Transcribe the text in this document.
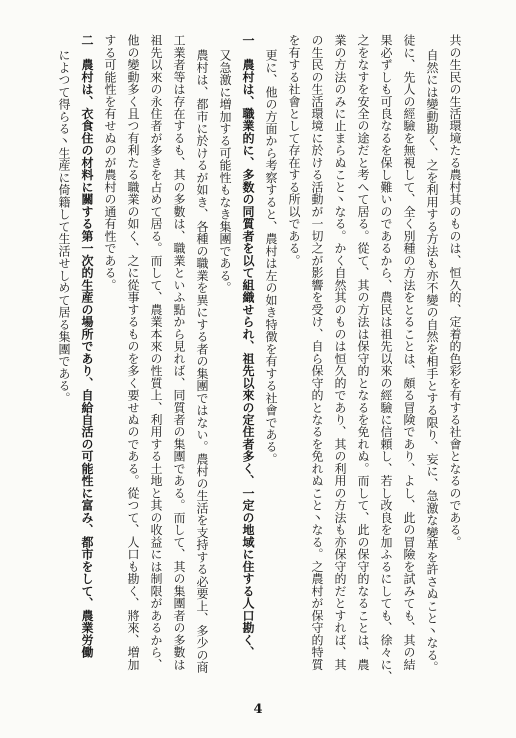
共の生民の生活環境たる農村其のものは、恒久的、定着的色彩を有する社會となるのである。
自然には變動勘く、之を利用する方法も亦不變の自然を相手とする限り、妄に、急激な變革を許さぬこと丶なる。
徒に、先人の經驗を無視して、全く別種の方法をとることは、頗る冒険であり、よし、此の冒險を試みても、其の結
果必ずしも可良なるを保し難いのであるから、農民は祖先以來の經驗に信頼し、若し改良を加ふるにしても、徐々に、
之をなすを安全の途だと考へて居る。從て、其の方法は保守的となるを免れぬ。而して、此の保守的なることは、農
業の方法のみに止まらぬこと丶なる。かく自然其のものは恒久的であり、其の利用の方法も亦保守的だとすれば、其
の生民の生活環境に於ける活動が一切之が影響を受け、自ら保守的となるを免れぬこと丶なる。之農村が保守的特質
を有する社會として存在する所以である。
更に、他の方面から考察すると、農村は左の如き特徴を有する社會である。
一　農村は、職業的に、多数の同質者を以て組織せられ、祖先以來の定住者多く、一定の地域に住する人口勘く、
又急激に増加する可能性もなき集團である。
農村は、都市に於けるが如き、各種の職業を異にする者の集團ではない。農村の生活を支持する必要上、多少の商
工業者等は存在するも、其の多數は、職業といふ點から見れば、同質者の集團である。而して、其の集團者の多數は
祖先以來の永住者が多きを占めて居る。而して、農業本來の性質上、利用する土地と其の收益には制限があるから、
他の變動多く且つ有利たる職業の如く、之に從事するものを多く要せぬのである。從つて、人口も勘く、將來、増加
する可能性を有せぬのが農村の通有性である。
二　農村は、衣食住の材料に關する第一次的生産の場所であり、自給自活の可能性に富み、都市をして、農業労働
によつて得らる丶生産に倚籍して生活せしめて居る集團である。
4
